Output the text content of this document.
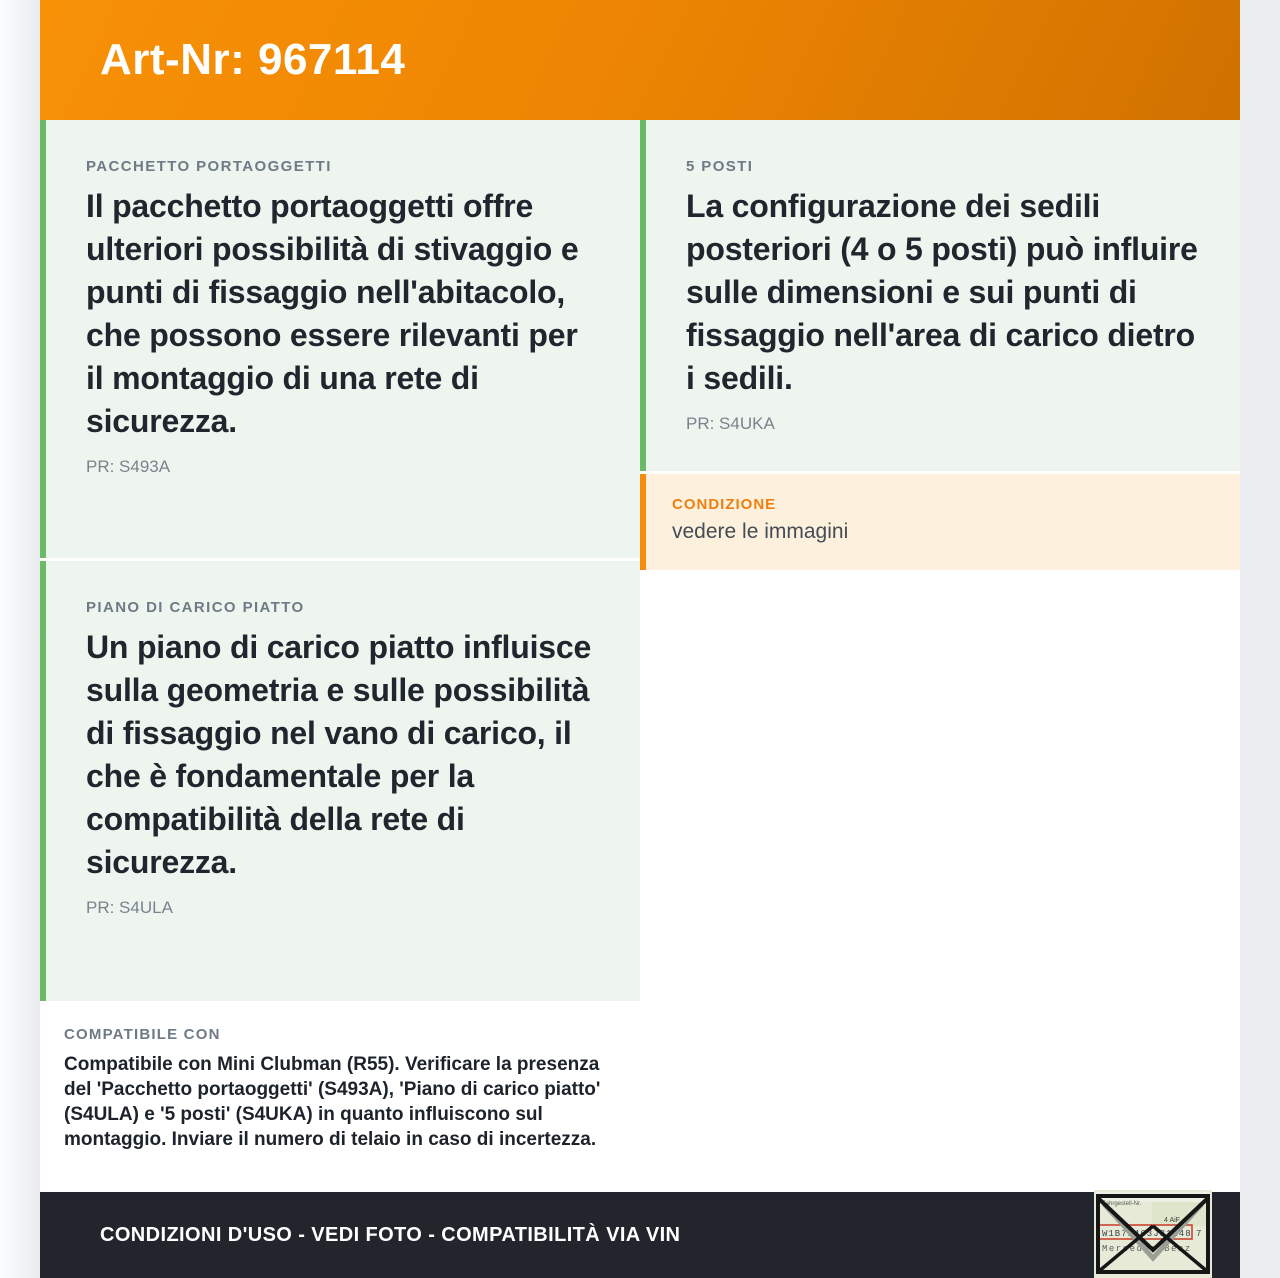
Art-Nr: 967114
PACCHETTO PORTAOGGETTI
Il pacchetto portaoggetti offre ulteriori possibilità di stivaggio e punti di fissaggio nell'abitacolo, che possono essere rilevanti per il montaggio di una rete di sicurezza.
PR: S493A
PIANO DI CARICO PIATTO
Un piano di carico piatto influisce sulla geometria e sulle possibilità di fissaggio nel vano di carico, il che è fondamentale per la compatibilità della rete di sicurezza.
PR: S4ULA
COMPATIBILE CON
Compatibile con Mini Clubman (R55). Verificare la presenza del 'Pacchetto portaoggetti' (S493A), 'Piano di carico piatto' (S4ULA) e '5 posti' (S4UKA) in quanto influiscono sul montaggio. Inviare il numero di telaio in caso di incertezza.
5 POSTI
La configurazione dei sedili posteriori (4 o 5 posti) può influire sulle dimensioni e sui punti di fissaggio nell'area di carico dietro i sedili.
PR: S4UKA
CONDIZIONE
vedere le immagini
CONDIZIONI D'USO - VEDI FOTO - COMPATIBILITÀ VIA VIN
Fahrgestell-Nr.
4 AiF
W1B71463J31248 7
Mercedes-Benz
